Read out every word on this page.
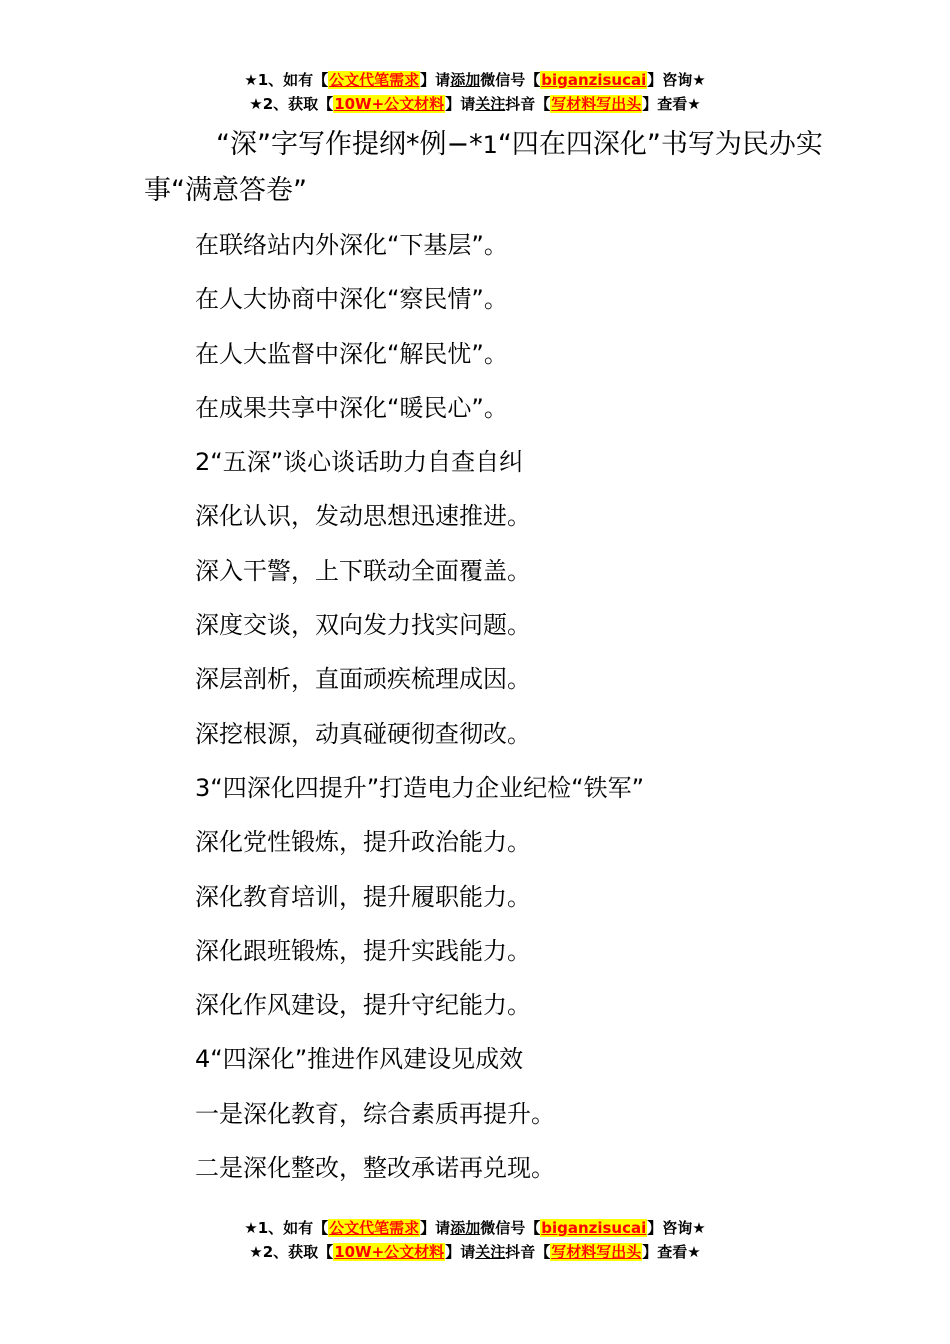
★1、如有【公文代笔需求】请添加微信号【biganzisucai】咨询★
★2、获取【10W+公文材料】请关注抖音【写材料写出头】查看★
“深”字写作提纲*例−*1“四在四深化”书写为民办实事“满意答卷”
在联络站内外深化“下基层”。
在人大协商中深化“察民情”。
在人大监督中深化“解民忧”。
在成果共享中深化“暖民心”。
2“五深”谈心谈话助力自查自纠
深化认识，发动思想迅速推进。
深入干警，上下联动全面覆盖。
深度交谈，双向发力找实问题。
深层剖析，直面顽疾梳理成因。
深挖根源，动真碰硬彻查彻改。
3“四深化四提升”打造电力企业纪检“铁军”
深化党性锻炼，提升政治能力。
深化教育培训，提升履职能力。
深化跟班锻炼，提升实践能力。
深化作风建设，提升守纪能力。
4“四深化”推进作风建设见成效
一是深化教育，综合素质再提升。
二是深化整改，整改承诺再兑现。
★1、如有【公文代笔需求】请添加微信号【biganzisucai】咨询★
★2、获取【10W+公文材料】请关注抖音【写材料写出头】查看★
